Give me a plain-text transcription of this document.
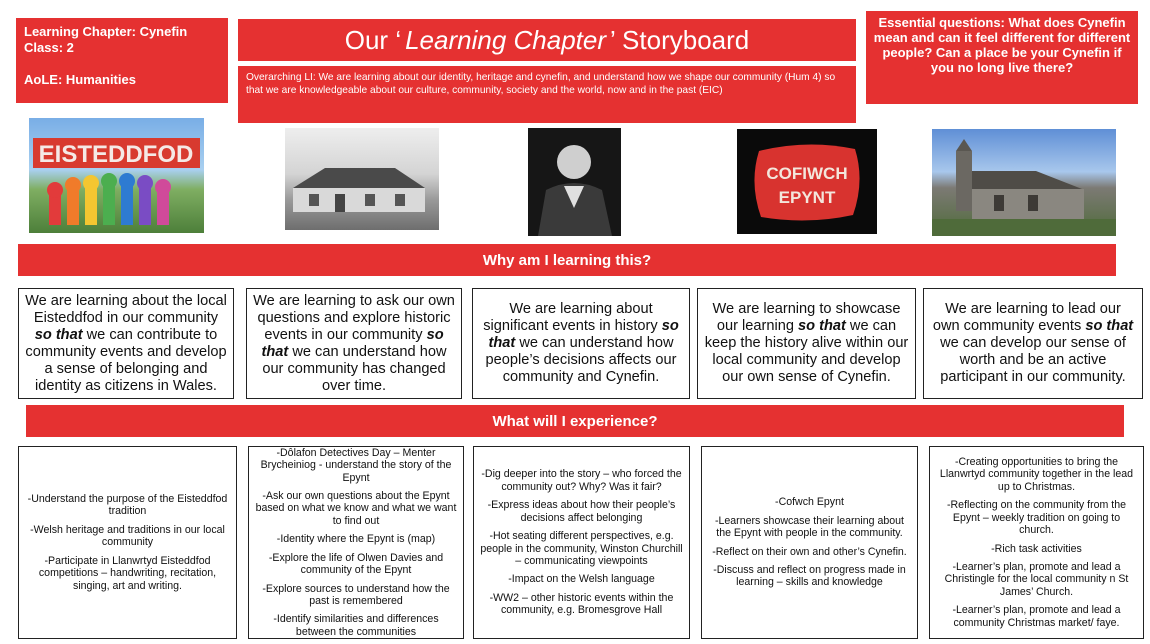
Learning Chapter: Cynefin
Class: 2
AoLE: Humanities
Our ‘ Learning Chapter ’ Storyboard
Overarching LI: We are learning about our identity, heritage and cynefin, and understand how we shape our community (Hum 4) so that we are knowledgeable about our culture, community, society and the world, now and in the past (EIC)
Essential questions: What does Cynefin mean and can it feel different for different people? Can a place be your Cynefin if you no long live there?
EISTEDDFOD
COFIWCH
EPYNT
Why am I learning this?
We are learning about the local Eisteddfod in our community so that we can contribute to community events and develop a sense of belonging and identity as citizens in Wales.
We are learning to ask our own questions and explore historic events in our community so that we can understand how our community has changed over time.
We are learning about significant events in history so that we can understand how people’s decisions affects our community and Cynefin.
We are learning to showcase our learning so that we can keep the history alive within our local community and develop our own sense of Cynefin.
We are learning to lead our own community events so that we can develop our sense of worth and be an active participant in our community.
What will I experience?

-Understand the purpose of the Eisteddfod tradition

-Welsh heritage and traditions in our local community

-Participate in Llanwrtyd Eisteddfod competitions – handwriting, recitation, singing, art and writing.

-Dôlafon Detectives Day – Menter Brycheiniog - understand the story of the Epynt

-Ask our own questions about the Epynt based on what we know and what we want to find out

-Identity where the Epynt is (map)

-Explore the life of Olwen Davies and community of the Epynt

-Explore sources to understand how the past is remembered

-Identify similarities and differences between the communities

-Dig deeper into the story – who forced the community out? Why? Was it fair?

-Express ideas about how their people’s decisions affect belonging

-Hot seating different perspectives, e.g. people in the community, Winston Churchill – communicating viewpoints

-Impact on the Welsh language

-WW2 – other historic events within the community, e.g. Bromesgrove Hall

-Cofwch Epynt

-Learners showcase their learning about the Epynt with people in the community.

-Reflect on their own and other’s Cynefin.

-Discuss and reflect on progress made in learning – skills and knowledge

-Creating opportunities to bring the Llanwrtyd community together in the lead up to Christmas.

-Reflecting on the community from the Epynt – weekly tradition on going to church.

-Rich task activities

-Learner’s plan, promote and lead a Christingle for the local community n St James’ Church.

-Learner’s plan, promote and lead a community Christmas market/ faye.
